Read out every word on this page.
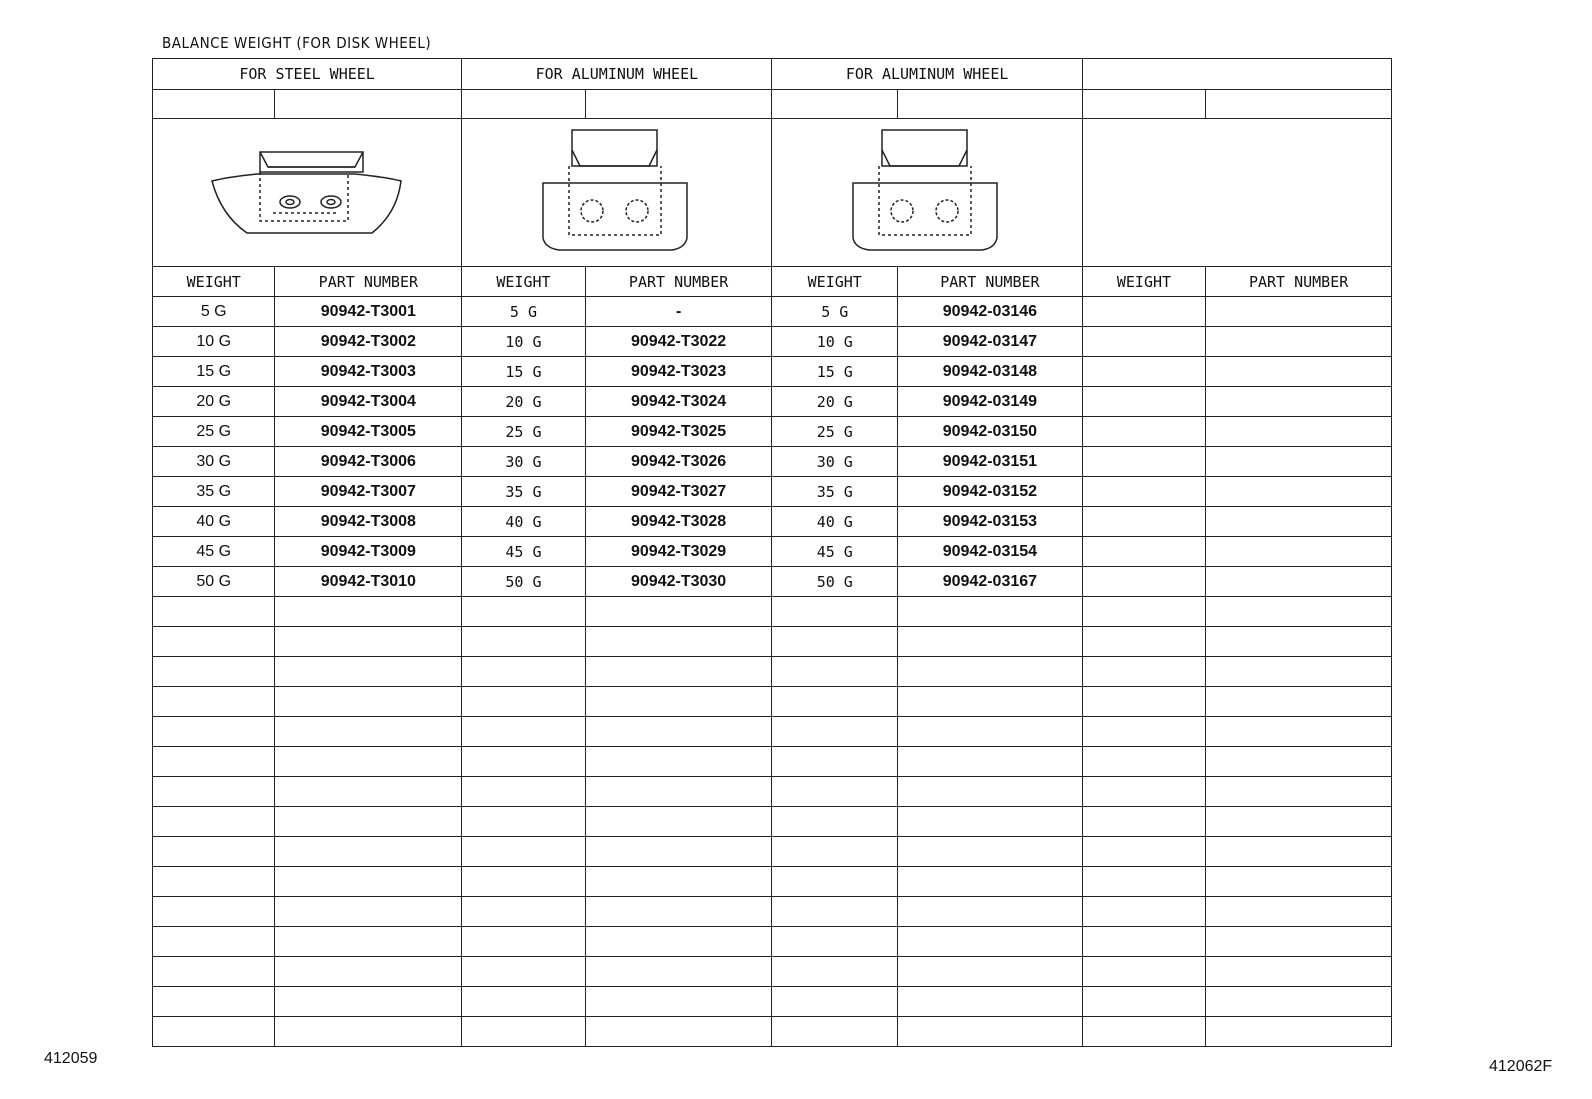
BALANCE WEIGHT (FOR DISK WHEEL)
FOR STEEL WHEEL		FOR ALUMINUM WHEEL		FOR ALUMINUM WHEEL			

WEIGHT	PART NUMBER	WEIGHT	PART NUMBER	WEIGHT	PART NUMBER	WEIGHT	PART NUMBER
5 G	90942-T3001	5 G	-	5 G	90942-03146		
10 G	90942-T3002	10 G	90942-T3022	10 G	90942-03147		
15 G	90942-T3003	15 G	90942-T3023	15 G	90942-03148		
20 G	90942-T3004	20 G	90942-T3024	20 G	90942-03149		
25 G	90942-T3005	25 G	90942-T3025	25 G	90942-03150		
30 G	90942-T3006	30 G	90942-T3026	30 G	90942-03151		
35 G	90942-T3007	35 G	90942-T3027	35 G	90942-03152		
40 G	90942-T3008	40 G	90942-T3028	40 G	90942-03153		
45 G	90942-T3009	45 G	90942-T3029	45 G	90942-03154		
50 G	90942-T3010	50 G	90942-T3030	50 G	90942-03167		

412059	412062F
